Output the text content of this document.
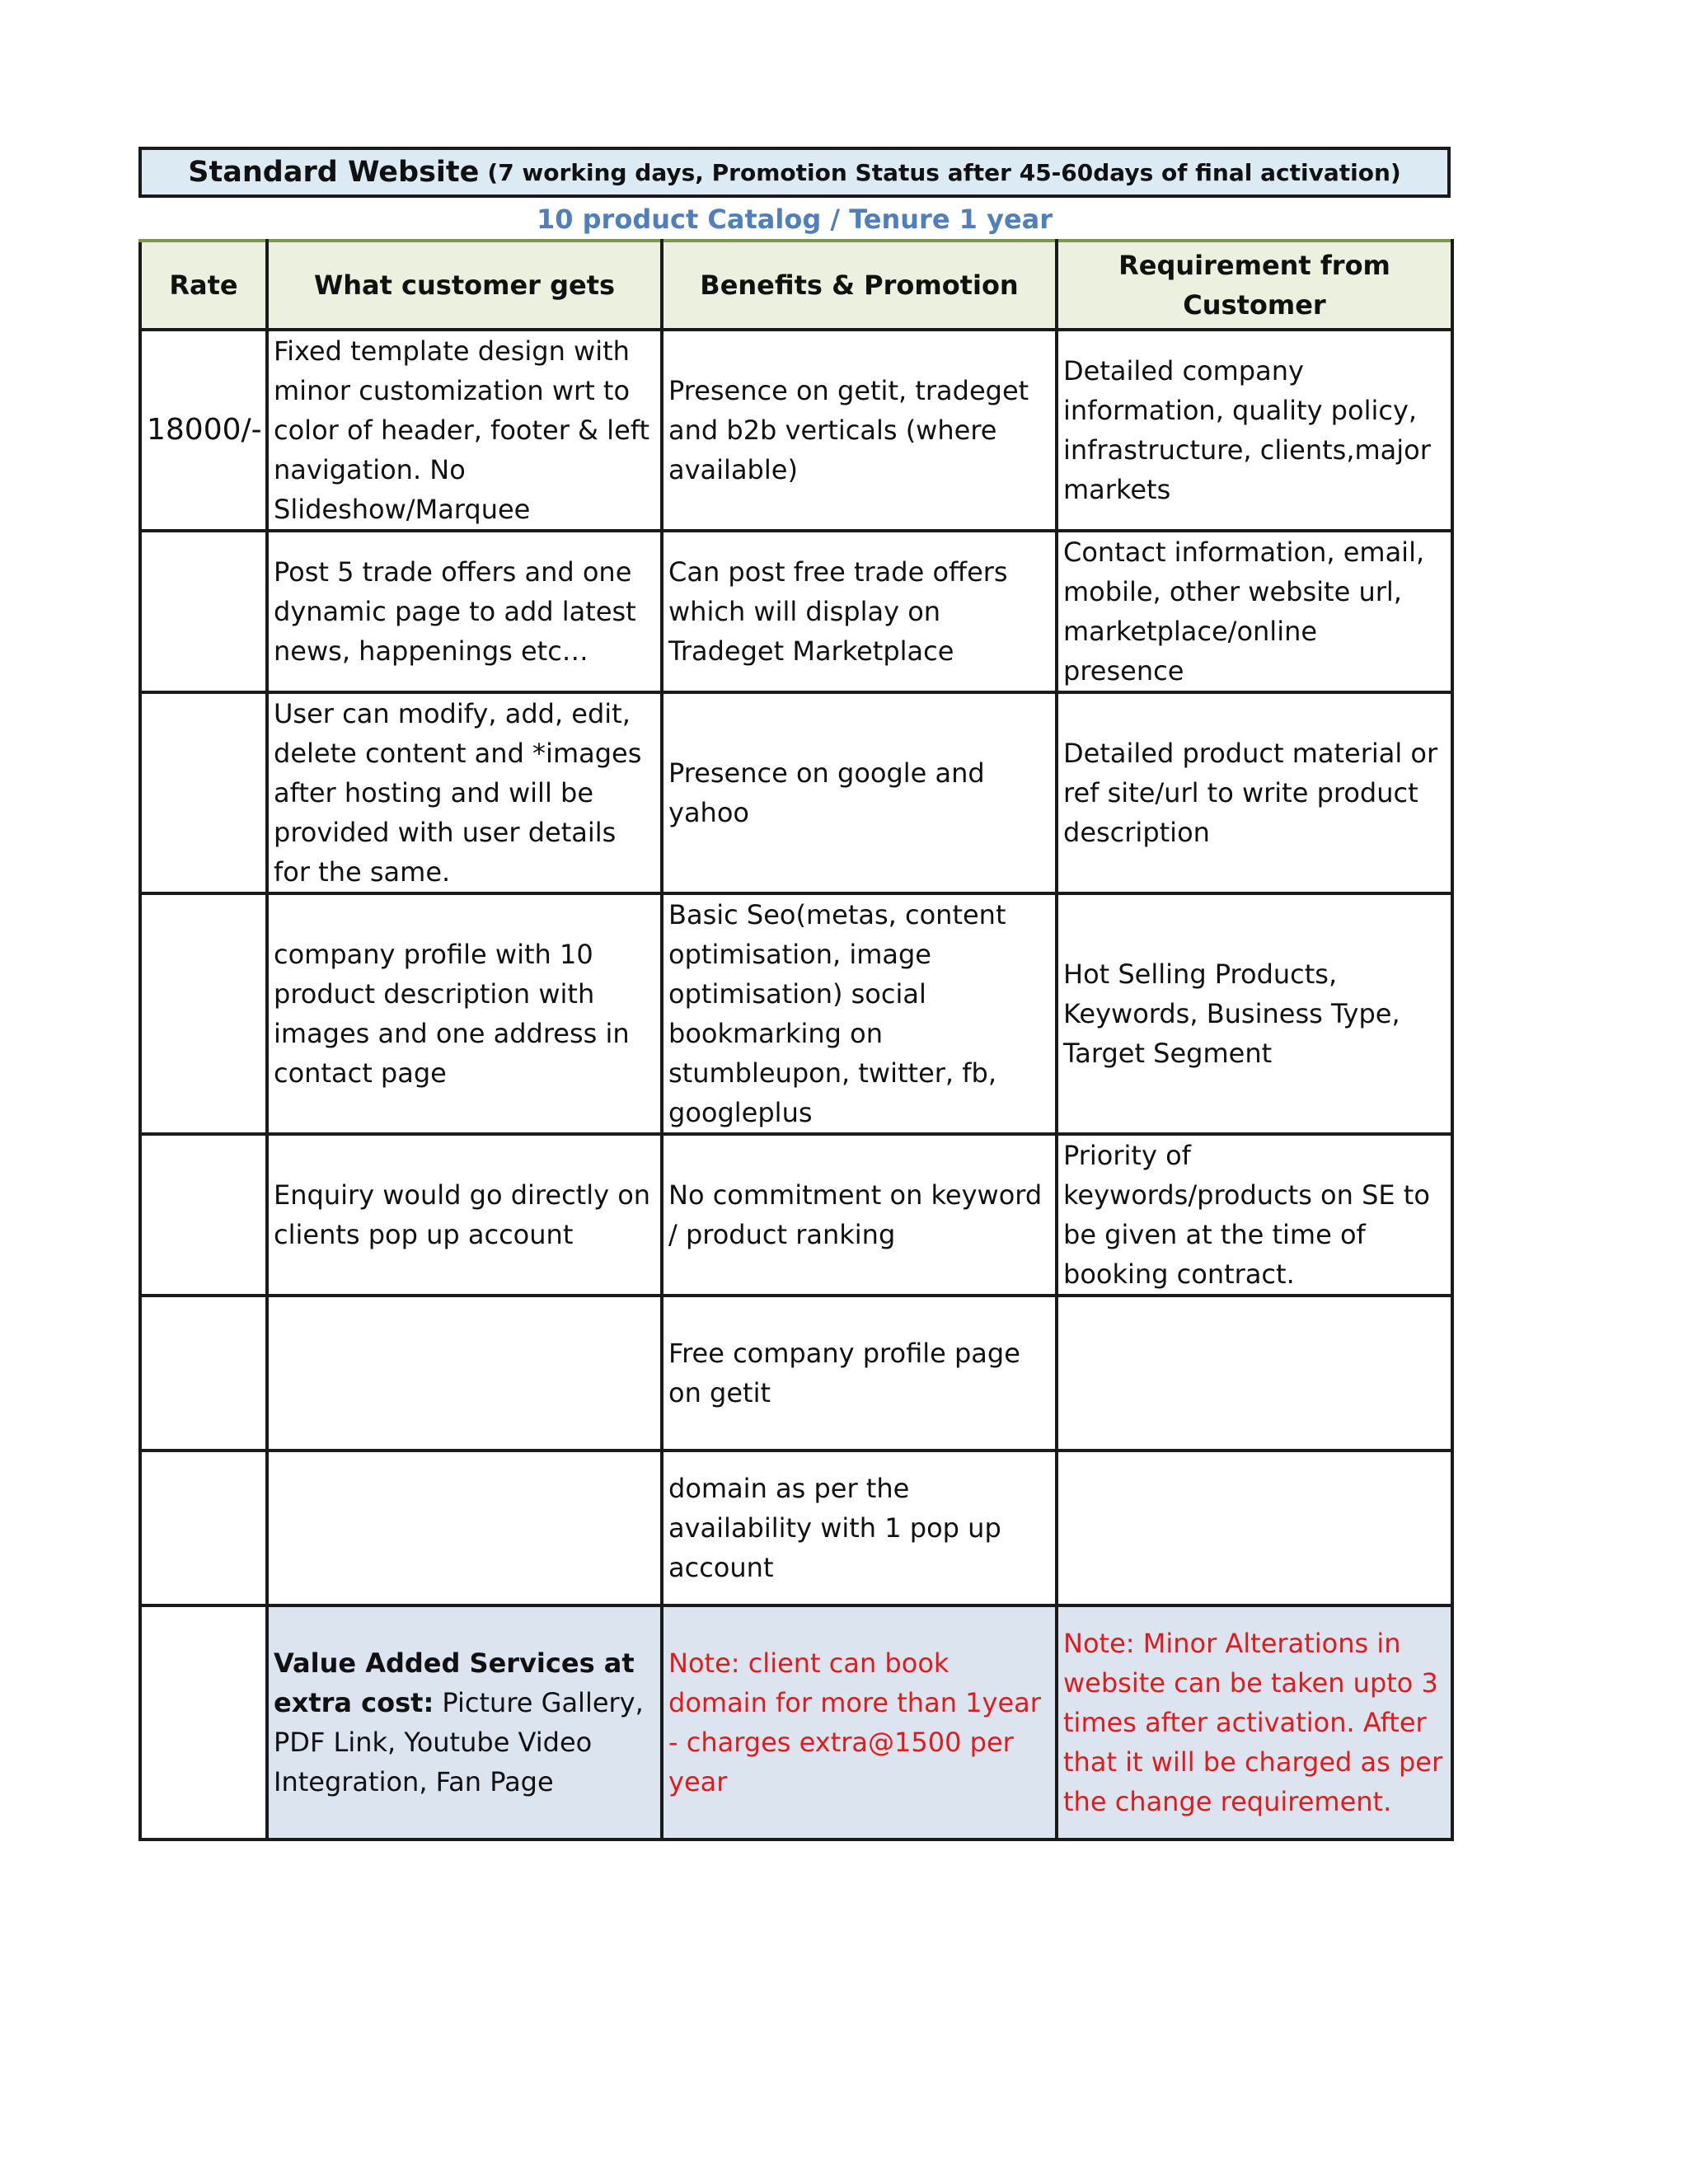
Standard Website (7 working days, Promotion Status after 45-60days of final activation)
10 product Catalog / Tenure 1 year
Rate	What customer gets	Benefits & Promotion	Requirement from Customer
18000/-	Fixed template design with minor customization wrt to color of header, footer & left navigation. No Slideshow/Marquee	Presence on getit, tradeget and b2b verticals (where available)	Detailed company information, quality policy, infrastructure, clients,major markets
	Post 5 trade offers and one dynamic page to add latest news, happenings etc…	Can post free trade offers which will display on Tradeget Marketplace	Contact information, email, mobile, other website url, marketplace/online presence
	User can modify, add, edit, delete content and *images after hosting and will be provided with user details for the same.	Presence on google and yahoo	Detailed product material or ref site/url to write product description
	company profile with 10 product description with images and one address in contact page	Basic Seo(metas, content optimisation, image optimisation) social bookmarking on stumbleupon, twitter, fb, googleplus	Hot Selling Products, Keywords, Business Type, Target Segment
	Enquiry would go directly on clients pop up account	No commitment on keyword / product ranking	Priority of keywords/products on SE to be given at the time of booking contract.
		Free company profile page on getit	
		domain as per the availability with 1 pop up account	
	Value Added Services at extra cost: Picture Gallery, PDF Link, Youtube Video Integration, Fan Page	Note: client can book domain for more than 1year - charges extra@1500 per year	Note: Minor Alterations in website can be taken upto 3 times after activation. After that it will be charged as per the change requirement.
